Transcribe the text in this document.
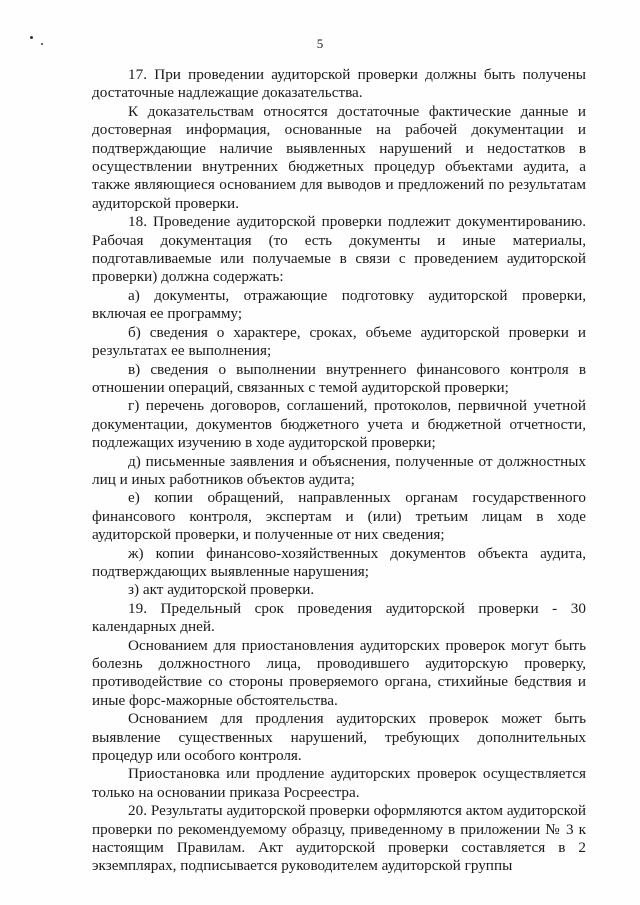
5

17. При проведении аудиторской проверки должны быть получены достаточные надлежащие доказательства.

К доказательствам относятся достаточные фактические данные и достоверная информация, основанные на рабочей документации и подтверждающие наличие выявленных нарушений и недостатков в осуществлении внутренних бюджетных процедур объектами аудита, а также являющиеся основанием для выводов и предложений по результатам аудиторской проверки.

18. Проведение аудиторской проверки подлежит документированию. Рабочая документация (то есть документы и иные материалы, подготавливаемые или получаемые в связи с проведением аудиторской проверки) должна содержать:

а) документы, отражающие подготовку аудиторской проверки, включая ее программу;

б) сведения о характере, сроках, объеме аудиторской проверки и результатах ее выполнения;

в) сведения о выполнении внутреннего финансового контроля в отношении операций, связанных с темой аудиторской проверки;

г) перечень договоров, соглашений, протоколов, первичной учетной документации, документов бюджетного учета и бюджетной отчетности, подлежащих изучению в ходе аудиторской проверки;

д) письменные заявления и объяснения, полученные от должностных лиц и иных работников объектов аудита;

е) копии обращений, направленных органам государственного финансового контроля, экспертам и (или) третьим лицам в ходе аудиторской проверки, и полученные от них сведения;

ж) копии финансово-хозяйственных документов объекта аудита, подтверждающих выявленные нарушения;

з) акт аудиторской проверки.

19. Предельный срок проведения аудиторской проверки - 30 календарных дней.

Основанием для приостановления аудиторских проверок могут быть болезнь должностного лица, проводившего аудиторскую проверку, противодействие со стороны проверяемого органа, стихийные бедствия и иные форс-мажорные обстоятельства.

Основанием для продления аудиторских проверок может быть выявление существенных нарушений, требующих дополнительных процедур или особого контроля.

Приостановка или продление аудиторских проверок осуществляется только на основании приказа Росреестра.

20. Результаты аудиторской проверки оформляются актом аудиторской проверки по рекомендуемому образцу, приведенному в приложении № 3 к настоящим Правилам. Акт аудиторской проверки составляется в 2 экземплярах, подписывается руководителем аудиторской группы
